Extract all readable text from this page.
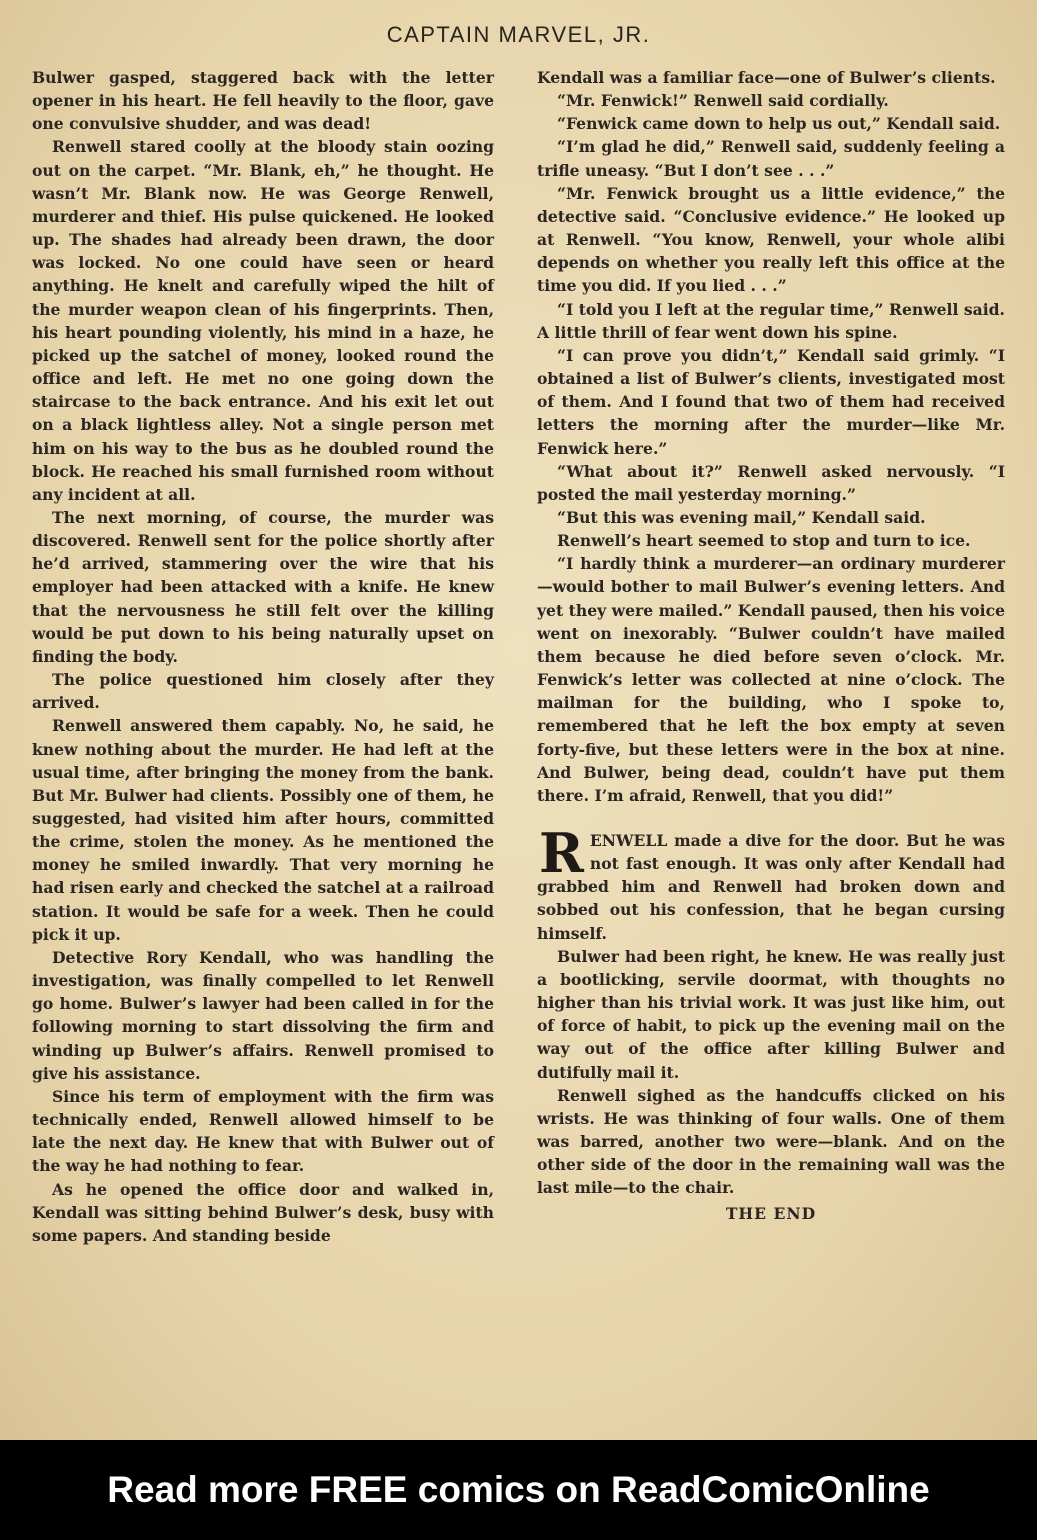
CAPTAIN MARVEL, JR.

Bulwer gasped, staggered back with the letter opener in his heart. He fell heavily to the floor, gave one convulsive shudder, and was dead!

Renwell stared coolly at the bloody stain oozing out on the carpet. “Mr. Blank, eh,” he thought. He wasn’t Mr. Blank now. He was George Renwell, murderer and thief. His pulse quickened. He looked up. The shades had already been drawn, the door was locked. No one could have seen or heard anything. He knelt and carefully wiped the hilt of the murder weapon clean of his fingerprints. Then, his heart pounding violently, his mind in a haze, he picked up the satchel of money, looked round the office and left. He met no one going down the staircase to the back entrance. And his exit let out on a black lightless alley. Not a single person met him on his way to the bus as he doubled round the block. He reached his small furnished room without any incident at all.

The next morning, of course, the murder was discovered. Renwell sent for the police shortly after he’d arrived, stammering over the wire that his employer had been attacked with a knife. He knew that the nervousness he still felt over the killing would be put down to his being naturally upset on finding the body.

The police questioned him closely after they arrived.

Renwell answered them capably. No, he said, he knew nothing about the murder. He had left at the usual time, after bringing the money from the bank. But Mr. Bulwer had clients. Possibly one of them, he suggested, had visited him after hours, committed the crime, stolen the money. As he mentioned the money he smiled inwardly. That very morning he had risen early and checked the satchel at a railroad station. It would be safe for a week. Then he could pick it up.

Detective Rory Kendall, who was handling the investigation, was finally compelled to let Renwell go home. Bulwer’s lawyer had been called in for the following morning to start dissolving the firm and winding up Bulwer’s affairs. Renwell promised to give his assistance.

Since his term of employment with the firm was technically ended, Renwell allowed himself to be late the next day. He knew that with Bulwer out of the way he had nothing to fear.

As he opened the office door and walked in, Kendall was sitting behind Bulwer’s desk, busy with some papers. And standing beside

Kendall was a familiar face—one of Bulwer’s clients.

“Mr. Fenwick!” Renwell said cordially.

“Fenwick came down to help us out,” Kendall said.

“I’m glad he did,” Renwell said, suddenly feeling a trifle uneasy. “But I don’t see . . .”

“Mr. Fenwick brought us a little evidence,” the detective said. “Conclusive evidence.” He looked up at Renwell. “You know, Renwell, your whole alibi depends on whether you really left this office at the time you did. If you lied . . .”

“I told you I left at the regular time,” Renwell said. A little thrill of fear went down his spine.

“I can prove you didn’t,” Kendall said grimly. “I obtained a list of Bulwer’s clients, investigated most of them. And I found that two of them had received letters the morning after the murder—like Mr. Fenwick here.”

“What about it?” Renwell asked nervously. “I posted the mail yesterday morning.”

“But this was evening mail,” Kendall said.

Renwell’s heart seemed to stop and turn to ice.

“I hardly think a murderer—an ordinary murderer—would bother to mail Bulwer’s evening letters. And yet they were mailed.” Kendall paused, then his voice went on inexorably. “Bulwer couldn’t have mailed them because he died before seven o’clock. Mr. Fenwick’s letter was collected at nine o’clock. The mailman for the building, who I spoke to, remembered that he left the box empty at seven forty-five, but these letters were in the box at nine. And Bulwer, being dead, couldn’t have put them there. I’m afraid, Renwell, that you did!”

RENWELL made a dive for the door. But he was not fast enough. It was only after Kendall had grabbed him and Renwell had broken down and sobbed out his confession, that he began cursing himself.

Bulwer had been right, he knew. He was really just a bootlicking, servile doormat, with thoughts no higher than his trivial work. It was just like him, out of force of habit, to pick up the evening mail on the way out of the office after killing Bulwer and dutifully mail it.

Renwell sighed as the handcuffs clicked on his wrists. He was thinking of four walls. One of them was barred, another two were—blank. And on the other side of the door in the remaining wall was the last mile—to the chair.

THE END

Read more FREE comics on ReadComicOnline
